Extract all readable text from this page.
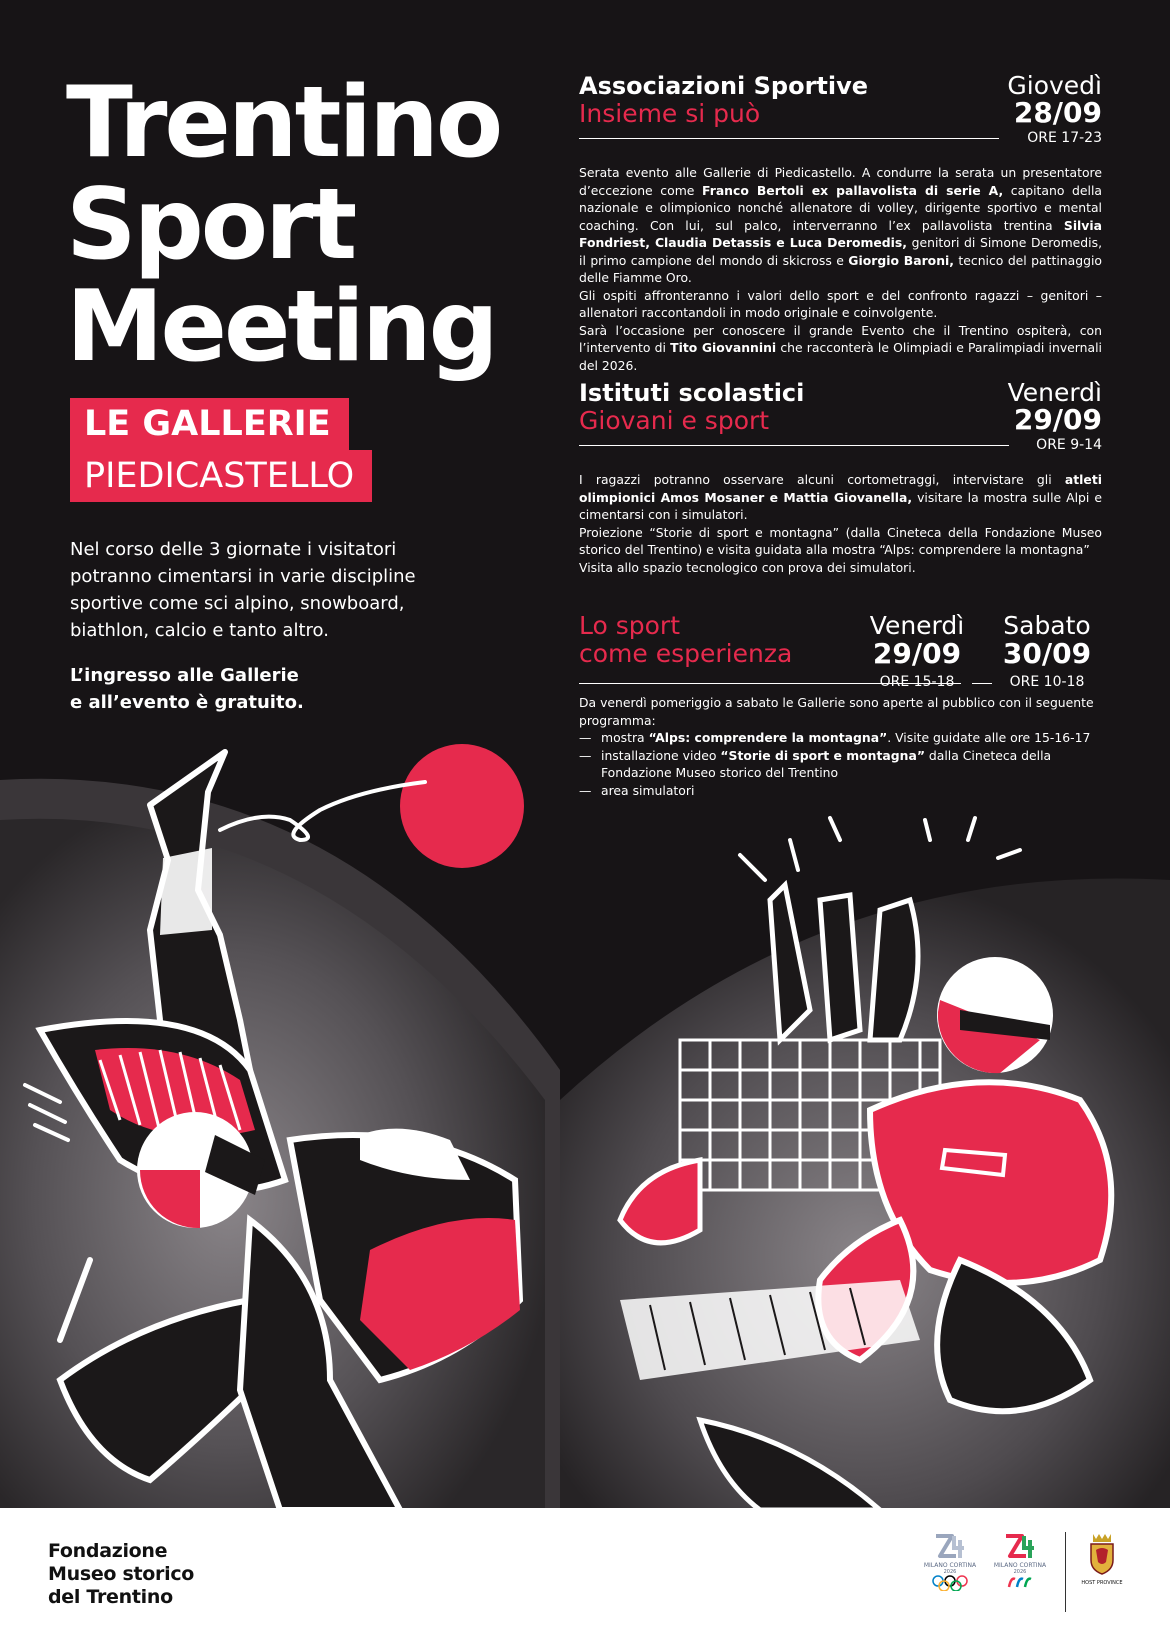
Trentino
Sport
Meeting
LE GALLERIE
PIEDICASTELLO
Nel corso delle 3 giornate i visitatori potranno cimentarsi in varie discipline sportive come sci alpino, snowboard, biathlon, calcio e tanto altro.
L’ingresso alle Gallerie
e all’evento è gratuito.
Associazioni Sportive
Insieme si può
Giovedì
28/09
ORE 17-23

Serata evento alle Gallerie di Piedicastello. A condurre la serata un presentatore d’eccezione come Franco Bertoli ex pallavolista di serie A, capitano della nazionale e olimpionico nonché allenatore di volley, dirigente sportivo e mental coaching. Con lui, sul palco, interverranno l’ex pallavolista trentina Silvia Fondriest, Claudia Detassis e Luca Deromedis, genitori di Simone Deromedis, il primo campione del mondo di skicross e Giorgio Baroni, tecnico del pattinaggio delle Fiamme Oro.

Gli ospiti affronteranno i valori dello sport e del confronto ragazzi – genitori – allenatori raccontandoli in modo originale e coinvolgente.

Sarà l’occasione per conoscere il grande Evento che il Trentino ospiterà, con l’intervento di Tito Giovannini che racconterà le Olimpiadi e Paralimpiadi invernali del 2026.

Istituti scolastici
Giovani e sport
Venerdì
29/09
ORE 9-14

I ragazzi potranno osservare alcuni cortometraggi, intervistare gli atleti olimpionici Amos Mosaner e Mattia Giovanella, visitare la mostra sulle Alpi e cimentarsi con i simulatori.

Proiezione “Storie di sport e montagna” (dalla Cineteca della Fondazione Museo storico del Trentino) e visita guidata alla mostra “Alps: comprendere la montagna”

Visita allo spazio tecnologico con prova dei simulatori.

Lo sport
come esperienza
Venerdì
29/09
ORE 15-18
Sabato
30/09
ORE 10-18

Da venerdì pomeriggio a sabato le Gallerie sono aperte al pubblico con il seguente programma:

— mostra “Alps: comprendere la montagna”. Visite guidate alle ore 15-16-17
— installazione video “Storie di sport e montagna” dalla Cineteca della Fondazione Museo storico del Trentino
— area simulatori
Fondazione
Museo storico
del Trentino
MILANO CORTINA
2026
MILANO CORTINA
2026
HOST PROVINCE
